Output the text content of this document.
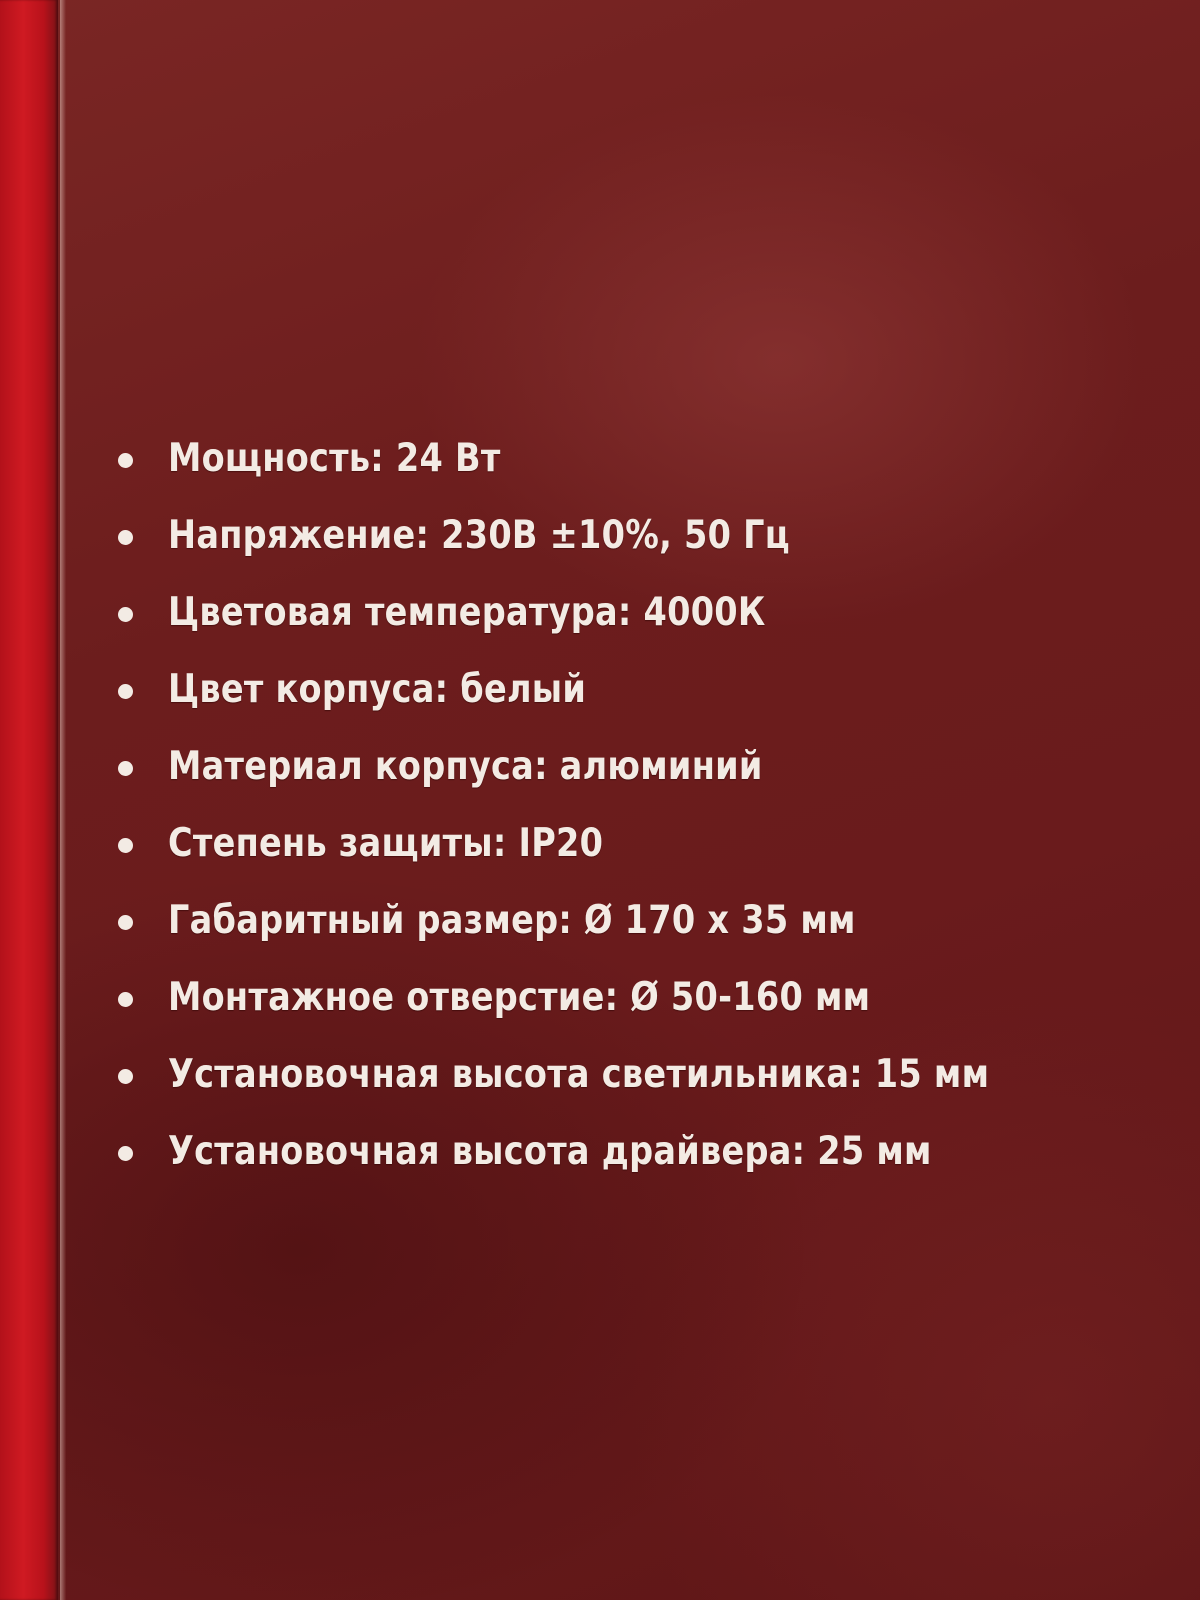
Мощность: 24 Вт
Напряжение: 230В ±10%, 50 Гц
Цветовая температура: 4000К
Цвет корпуса: белый
Материал корпуса: алюминий
Степень защиты: IP20
Габаритный размер: Ø 170 х 35 мм
Монтажное отверстие: Ø 50-160 мм
Установочная высота светильника: 15 мм
Установочная высота драйвера: 25 мм
